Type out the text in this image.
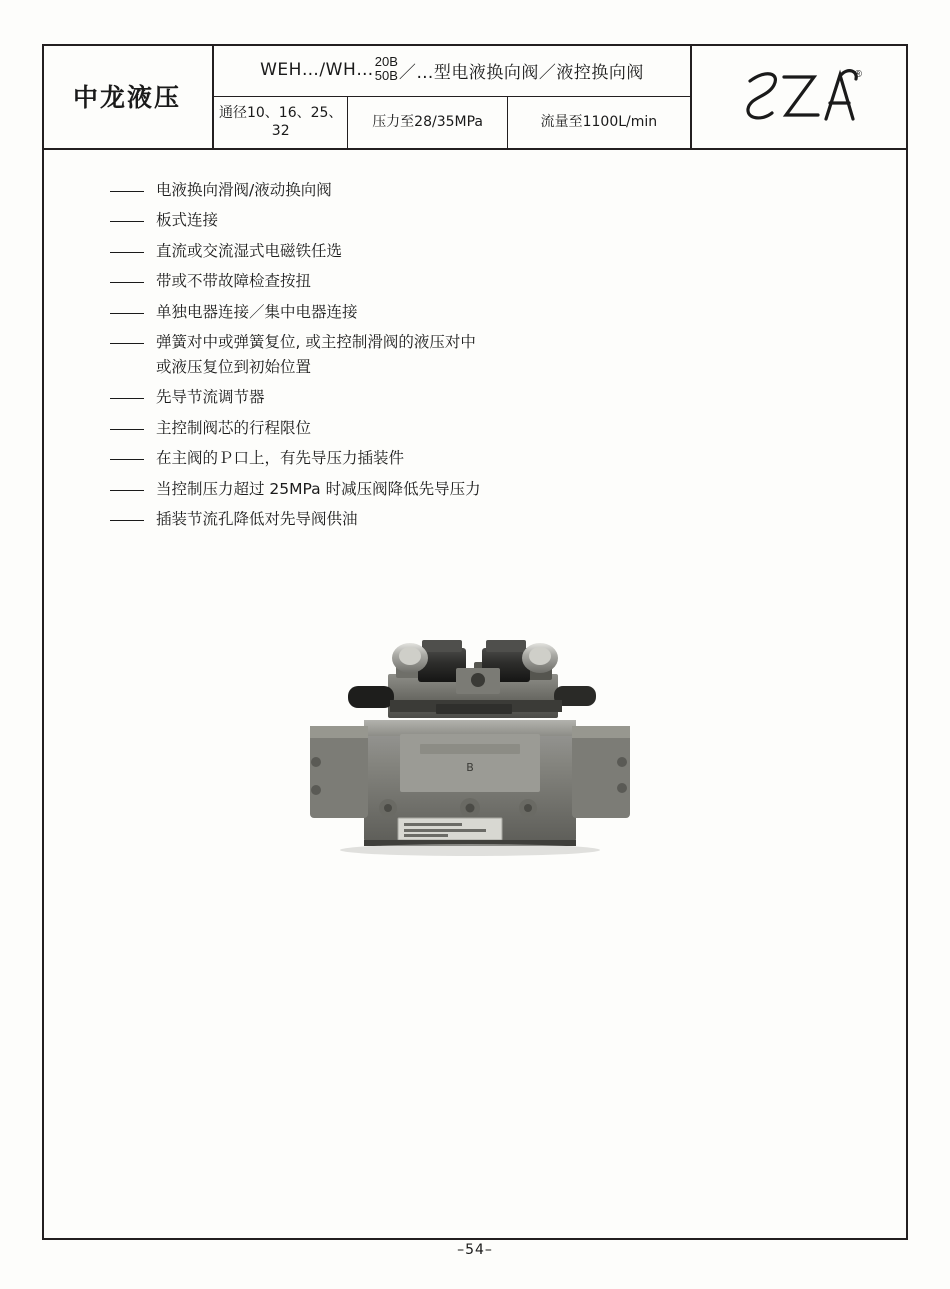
中龙液压
WEH…/WH… 20B
50B ／…型电液换向阀／液控换向阀
通径10、16、25、32
压力至28/35MPa	流量至1100L/min
®
电液换向滑阀/液动换向阀
板式连接
直流或交流湿式电磁铁任选
带或不带故障检查按扭
单独电器连接／集中电器连接
弹簧对中或弹簧复位, 或主控制滑阀的液压对中
或液压复位到初始位置
先导节流调节器
主控制阀芯的行程限位
在主阀的Ｐ口上，有先导压力插装件
当控制压力超过 25MPa 时减压阀降低先导压力
插装节流孔降低对先导阀供油
B
–54–
